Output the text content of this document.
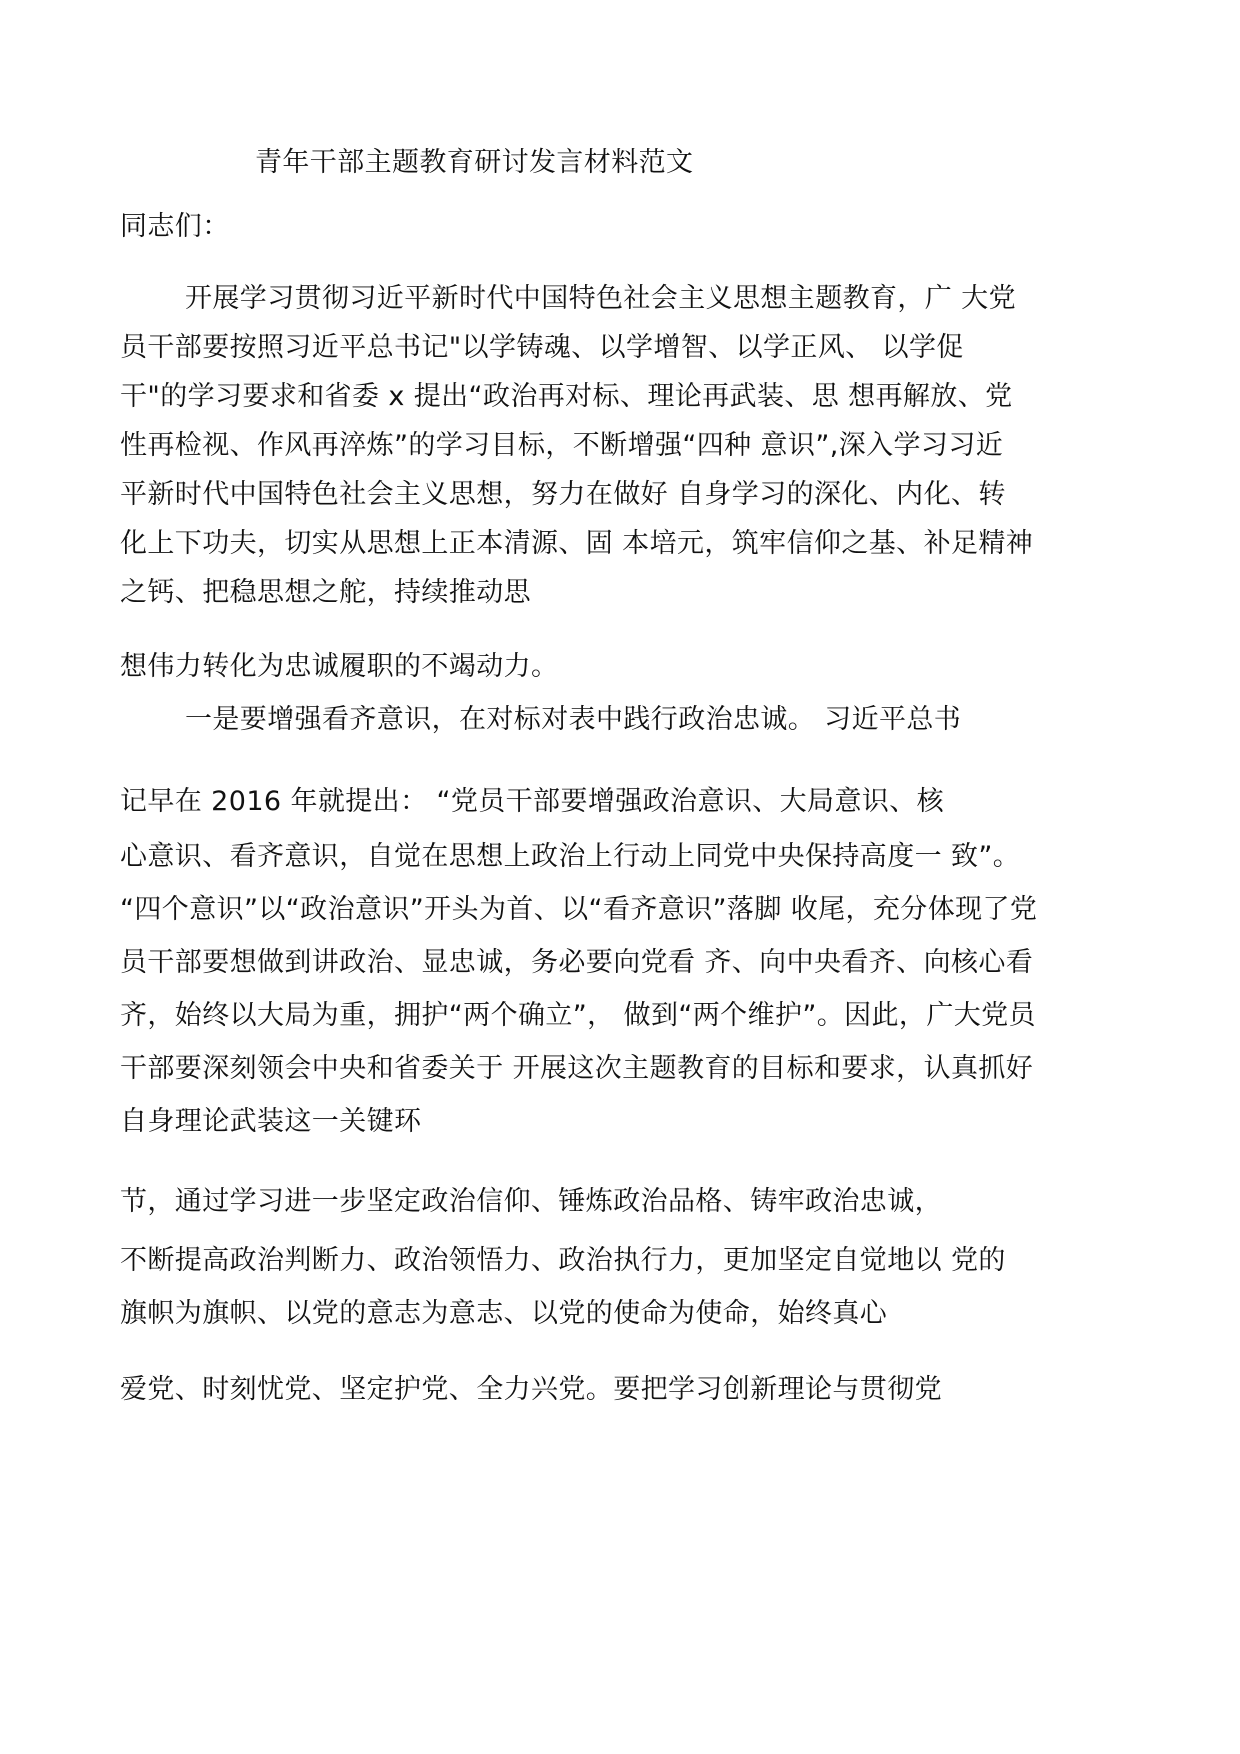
青年干部主题教育研讨发言材料范文
同志们：
开展学习贯彻习近平新时代中国特色社会主义思想主题教育，广 大党
员干部要按照习近平总书记"以学铸魂、以学增智、以学正风、 以学促
干"的学习要求和省委 x 提出“政治再对标、理论再武装、思 想再解放、党
性再检视、作风再淬炼”的学习目标，不断增强“四种 意识”,深入学习习近
平新时代中国特色社会主义思想，努力在做好 自身学习的深化、内化、转
化上下功夫，切实从思想上正本清源、固 本培元，筑牢信仰之基、补足精神
之钙、把稳思想之舵，持续推动思
想伟力转化为忠诚履职的不竭动力。
一是要增强看齐意识，在对标对表中践行政治忠诚。 习近平总书
记早在 2016 年就提出： “党员干部要增强政治意识、大局意识、核
心意识、看齐意识，自觉在思想上政治上行动上同党中央保持高度一 致”。
“四个意识”以“政治意识”开头为首、以“看齐意识”落脚 收尾，充分体现了党
员干部要想做到讲政治、显忠诚，务必要向党看 齐、向中央看齐、向核心看
齐，始终以大局为重，拥护“两个确立”， 做到“两个维护”。因此，广大党员
干部要深刻领会中央和省委关于 开展这次主题教育的目标和要求，认真抓好
自身理论武装这一关键环
节，通过学习进一步坚定政治信仰、锤炼政治品格、铸牢政治忠诚，
不断提高政治判断力、政治领悟力、政治执行力，更加坚定自觉地以 党的
旗帜为旗帜、以党的意志为意志、以党的使命为使命，始终真心
爱党、时刻忧党、坚定护党、全力兴党。要把学习创新理论与贯彻党
